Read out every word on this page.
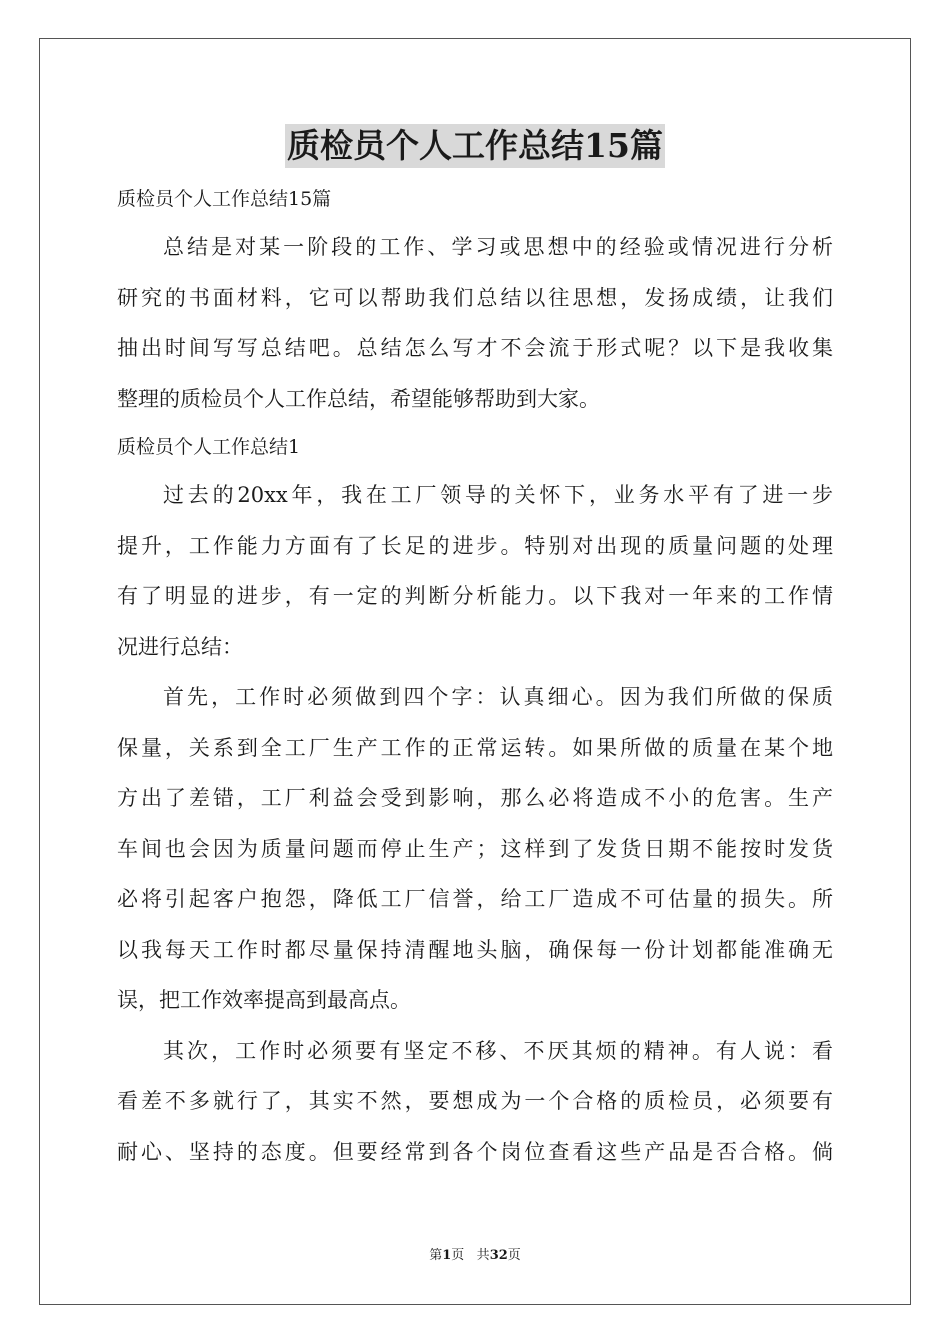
质检员个人工作总结15篇
质检员个人工作总结15篇
总结是对某一阶段的工作、学习或思想中的经验或情况进行分析
研究的书面材料，它可以帮助我们总结以往思想，发扬成绩，让我们
抽出时间写写总结吧。总结怎么写才不会流于形式呢？以下是我收集
整理的质检员个人工作总结，希望能够帮助到大家。
质检员个人工作总结1
过去的20xx年，我在工厂领导的关怀下，业务水平有了进一步
提升，工作能力方面有了长足的进步。特别对出现的质量问题的处理
有了明显的进步，有一定的判断分析能力。以下我对一年来的工作情
况进行总结：
首先，工作时必须做到四个字：认真细心。因为我们所做的保质
保量，关系到全工厂生产工作的正常运转。如果所做的质量在某个地
方出了差错，工厂利益会受到影响，那么必将造成不小的危害。生产
车间也会因为质量问题而停止生产；这样到了发货日期不能按时发货
必将引起客户抱怨，降低工厂信誉，给工厂造成不可估量的损失。所
以我每天工作时都尽量保持清醒地头脑，确保每一份计划都能准确无
误，把工作效率提高到最高点。
其次，工作时必须要有坚定不移、不厌其烦的精神。有人说：看
看差不多就行了，其实不然，要想成为一个合格的质检员，必须要有
耐心、坚持的态度。但要经常到各个岗位查看这些产品是否合格。倘
第1页 共32页
